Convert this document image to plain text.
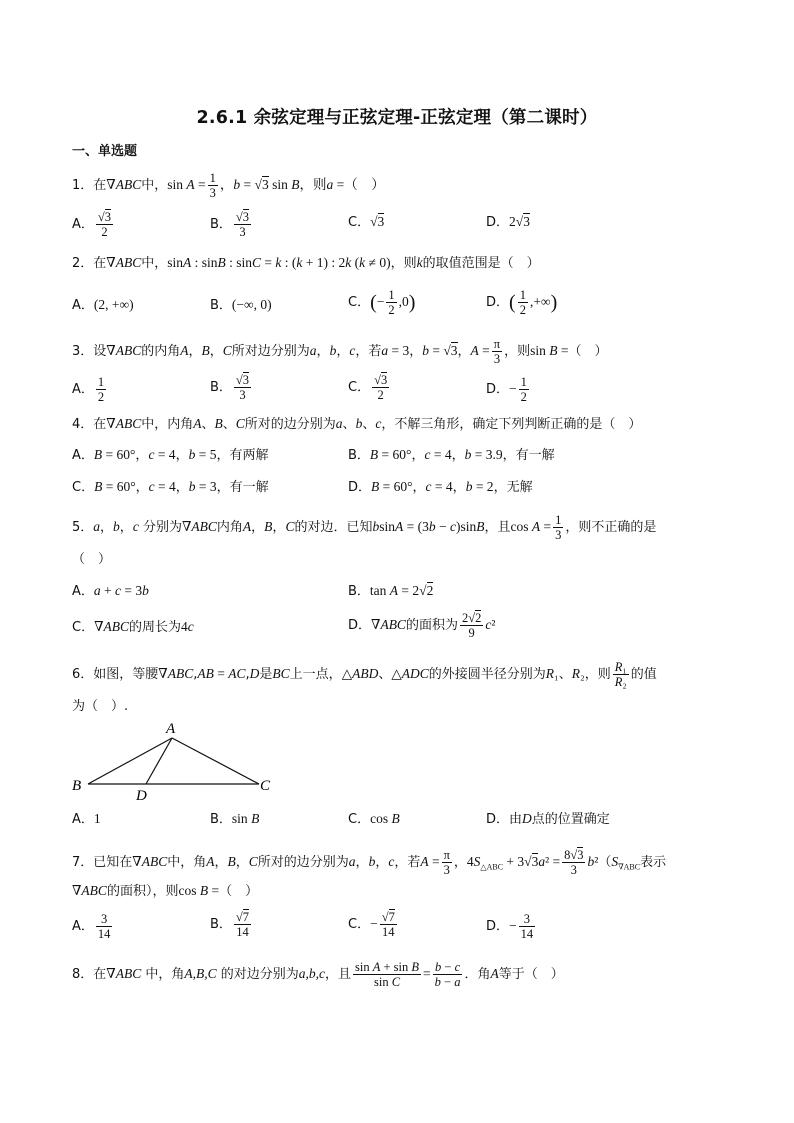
2.6.1 余弦定理与正弦定理-正弦定理（第二课时）
一、单选题
1．在∇ABC中，$\sin A = \frac{1}{3}$ ，b = √3 sin B，则a =（　）
A． $\frac{√3}{2}$	B． $\frac{√3}{3}$	C．√3	D．2√3
2．在∇ABC中，sinA : sinB : sinC = k : (k + 1) : 2k (k ≠ 0)，则k的取值范围是（　）
A．(2, +∞)	B．(−∞, 0)	C．(− $\frac{1}{2} ,0$)	D．( $\frac{1}{2}$ ,+∞)
3．设∇ABC的内角A，B，C所对边分别为a，b，c，若a = 3，b = √3，$A = \frac{\pi}{3}$ ，则sin B =（　）
A． $\frac{1}{2}$	B． $\frac{√3}{3}$	C． $\frac{√3}{2}$	D．− $\frac{1}{2}$
4．在∇ABC中，内角A、B、C所对的边分别为a、b、c，不解三角形，确定下列判断正确的是（　）
A．B = 60°，c = 4，b = 5，有两解	B．B = 60°，c = 4，b = 3.9，有一解
C．B = 60°，c = 4，b = 3，有一解	D．B = 60°，c = 4，b = 2，无解
5．a，b，c 分别为∇ABC内角A，B，C的对边．已知bsinA = (3b − c)sinB，且$\cos A = \frac{1}{3}$ ，则不正确的是
（　）
A．a + c = 3b	B．tan A = 2√2
C．∇ABC的周长为4c	D．∇ABC的面积为 $\frac{2√2}{9} c^2$
6．如图，等腰∇ABC,AB = AC,D是BC上一点，△ABD、△ADC的外接圆半径分别为R₁、R₂，则 $\frac{\text{R₁}}{\text{R₂}}$ 的值
为（　）.
A
B	C
D
A．1	B．sin B	C．cos B	D．由D点的位置确定
7．已知在∇ABC中，角A，B，C所对的边分别为a，b，c，若$A = \frac{\pi}{3}$ ，$4S_{\triangle ABC} + 3√3a^2 = \frac{8√3}{3} b^2(S_{\nabla ABC}$表示
∇ABC的面积），则cos B =（　）
A． $\frac{3}{14}$	B． $\frac{√7}{14}$	C．− $\frac{√7}{14}$	D．− $\frac{3}{14}$
8．在∇ABC 中，角A,B,C 的对边分别为a,b,c，且 $\frac{\text{sin A + sin B}}{\text{sin C}} = \frac{b - c}{b - a}$ ．角A等于（　）
